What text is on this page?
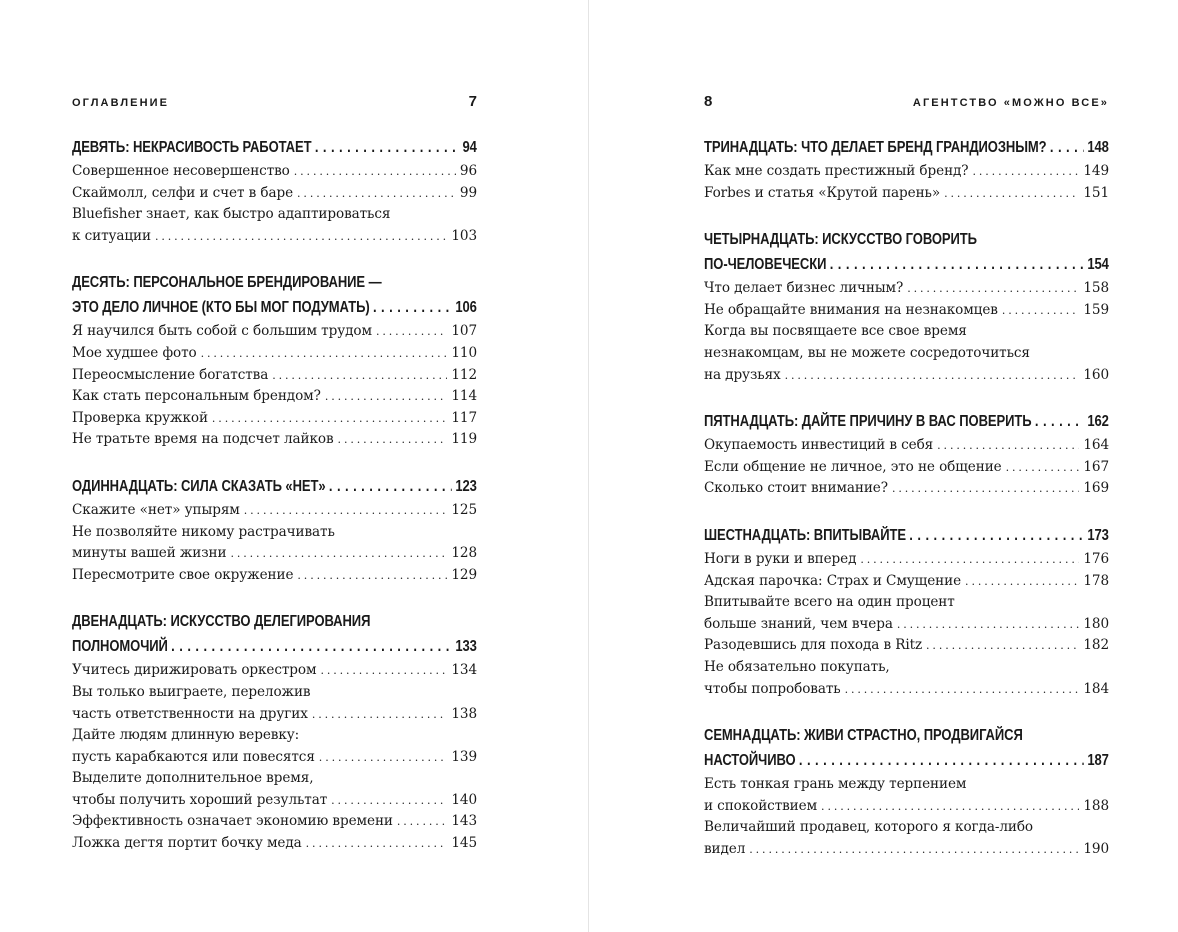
ОГЛАВЛЕНИЕ	7
ДЕВЯТЬ: НЕКРАСИВОСТЬ РАБОТАЕТ . . .	94
Совершенное несовершенство . . .	96
Скаймолл, селфи и счет в баре . . .	99
Bluefisher знает, как быстро адаптироваться
к ситуации . . .	103
ДЕСЯТЬ: ПЕРСОНАЛЬНОЕ БРЕНДИРОВАНИЕ —
ЭТО ДЕЛО ЛИЧНОЕ (КТО БЫ МОГ ПОДУМАТЬ) . . .	106
Я научился быть собой с большим трудом . . .	107
Мое худшее фото . . .	110
Переосмысление богатства . . .	112
Как стать персональным брендом? . . .	114
Проверка кружкой . . .	117
Не тратьте время на подсчет лайков . . .	119
ОДИННАДЦАТЬ: СИЛА СКАЗАТЬ «НЕТ» . . .	123
Скажите «нет» упырям . . .	125
Не позволяйте никому растрачивать
минуты вашей жизни . . .	128
Пересмотрите свое окружение . . .	129
ДВЕНАДЦАТЬ: ИСКУССТВО ДЕЛЕГИРОВАНИЯ
ПОЛНОМОЧИЙ . . .	133
Учитесь дирижировать оркестром . . .	134
Вы только выиграете, переложив
часть ответственности на других . . .	138
Дайте людям длинную веревку:
пусть карабкаются или повесятся . . .	139
Выделите дополнительное время,
чтобы получить хороший результат . . .	140
Эффективность означает экономию времени . . .	143
Ложка дегтя портит бочку меда . . .	145
8	АГЕНТСТВО «МОЖНО ВСЕ»
ТРИНАДЦАТЬ: ЧТО ДЕЛАЕТ БРЕНД ГРАНДИОЗНЫМ? . . .	148
Как мне создать престижный бренд? . . .	149
Forbes и статья «Крутой парень» . . .	151
ЧЕТЫРНАДЦАТЬ: ИСКУССТВО ГОВОРИТЬ
ПО-ЧЕЛОВЕЧЕСКИ . . .	154
Что делает бизнес личным? . . .	158
Не обращайте внимания на незнакомцев . . .	159
Когда вы посвящаете все свое время
незнакомцам, вы не можете сосредоточиться
на друзьях . . .	160
ПЯТНАДЦАТЬ: ДАЙТЕ ПРИЧИНУ В ВАС ПОВЕРИТЬ . . .	162
Окупаемость инвестиций в себя . . .	164
Если общение не личное, это не общение . . .	167
Сколько стоит внимание? . . .	169
ШЕСТНАДЦАТЬ: ВПИТЫВАЙТЕ . . .	173
Ноги в руки и вперед . . .	176
Адская парочка: Страх и Смущение . . .	178
Впитывайте всего на один процент
больше знаний, чем вчера . . .	180
Разодевшись для похода в Ritz . . .	182
Не обязательно покупать,
чтобы попробовать . . .	184
СЕМНАДЦАТЬ: ЖИВИ СТРАСТНО, ПРОДВИГАЙСЯ
НАСТОЙЧИВО . . .	187
Есть тонкая грань между терпением
и спокойствием . . .	188
Величайший продавец, которого я когда-либо
видел . . .	190
